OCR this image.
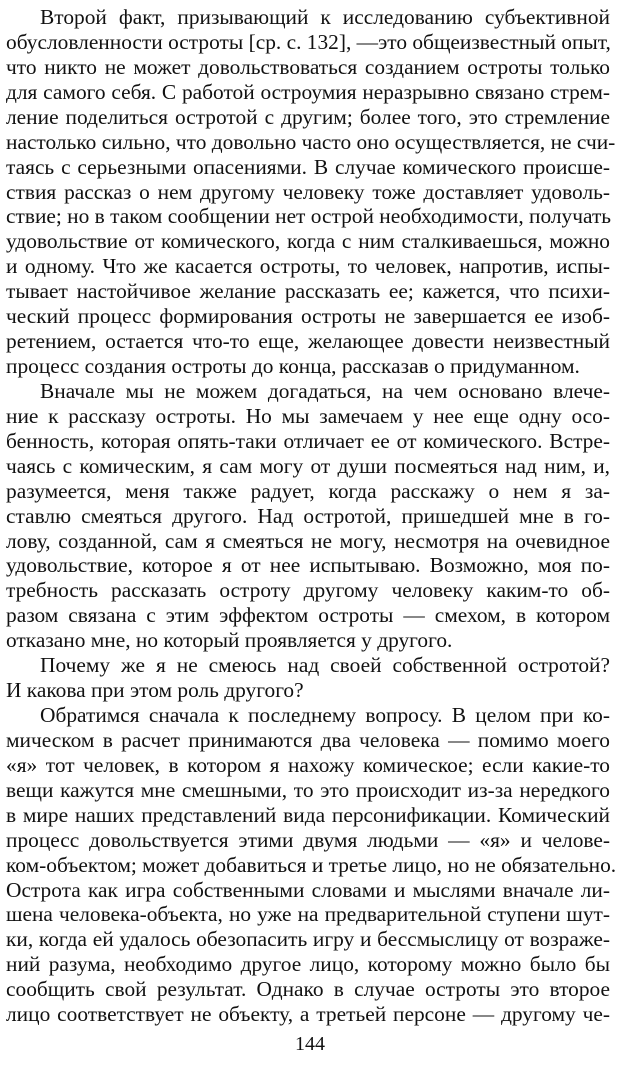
Второй факт, призывающий к исследованию субъективной
обусловленности остроты [ср. с. 132], —это общеизвестный опыт,
что никто не может довольствоваться созданием остроты только
для самого себя. С работой остроумия неразрывно связано стрем-
ление поделиться остротой с другим; более того, это стремление
настолько сильно, что довольно часто оно осуществляется, не счи-
таясь с серьезными опасениями. В случае комического происше-
ствия рассказ о нем другому человеку тоже доставляет удоволь-
ствие; но в таком сообщении нет острой необходимости, получать
удовольствие от комического, когда с ним сталкиваешься, можно
и одному. Что же касается остроты, то человек, напротив, испы-
тывает настойчивое желание рассказать ее; кажется, что психи-
ческий процесс формирования остроты не завершается ее изоб-
ретением, остается что-то еще, желающее довести неизвестный
процесс создания остроты до конца, рассказав о придуманном.
Вначале мы не можем догадаться, на чем основано влече-
ние к рассказу остроты. Но мы замечаем у нее еще одну осо-
бенность, которая опять-таки отличает ее от комического. Встре-
чаясь с комическим, я сам могу от души посмеяться над ним, и,
разумеется, меня также радует, когда расскажу о нем я за-
ставлю смеяться другого. Над остротой, пришедшей мне в го-
лову, созданной, сам я смеяться не могу, несмотря на очевидное
удовольствие, которое я от нее испытываю. Возможно, моя по-
требность рассказать остроту другому человеку каким-то об-
разом связана с этим эффектом остроты — смехом, в котором
отказано мне, но который проявляется у другого.
Почему же я не смеюсь над своей собственной остротой?
И какова при этом роль другого?
Обратимся сначала к последнему вопросу. В целом при ко-
мическом в расчет принимаются два человека — помимо моего
«я» тот человек, в котором я нахожу комическое; если какие-то
вещи кажутся мне смешными, то это происходит из-за нередкого
в мире наших представлений вида персонификации. Комический
процесс довольствуется этими двумя людьми — «я» и челове-
ком-объектом; может добавиться и третье лицо, но не обязательно.
Острота как игра собственными словами и мыслями вначале ли-
шена человека-объекта, но уже на предварительной ступени шут-
ки, когда ей удалось обезопасить игру и бессмыслицу от возраже-
ний разума, необходимо другое лицо, которому можно было бы
сообщить свой результат. Однако в случае остроты это второе
лицо соответствует не объекту, а третьей персоне — другому че-
144
